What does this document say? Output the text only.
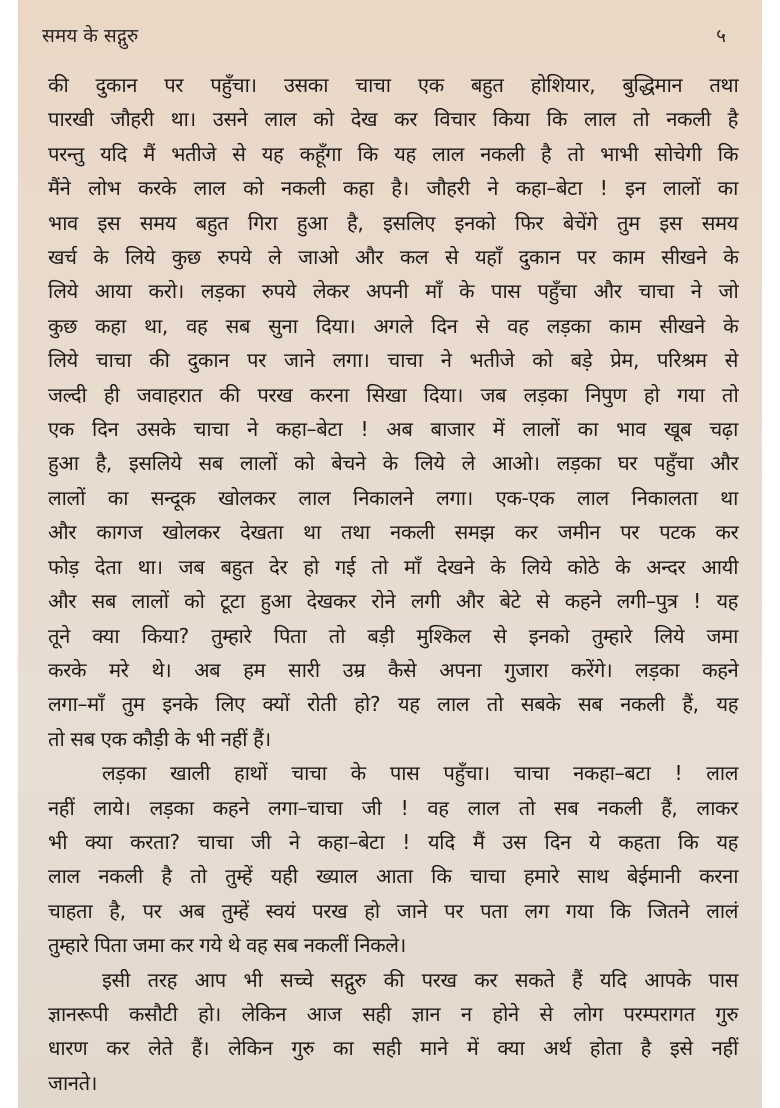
समय के सद्गुरु	५
की दुकान पर पहुँचा। उसका चाचा एक बहुत होशियार, बुद्धिमान तथा
पारखी जौहरी था। उसने लाल को देख कर विचार किया कि लाल तो नकली है
परन्तु यदि मैं भतीजे से यह कहूँगा कि यह लाल नकली है तो भाभी सोचेगी कि
मैंने लोभ करके लाल को नकली कहा है। जौहरी ने कहा–बेटा ! इन लालों का
भाव इस समय बहुत गिरा हुआ है, इसलिए इनको फिर बेचेंगे तुम इस समय
खर्च के लिये कुछ रुपये ले जाओ और कल से यहाँ दुकान पर काम सीखने के
लिये आया करो। लड़का रुपये लेकर अपनी माँ के पास पहुँचा और चाचा ने जो
कुछ कहा था, वह सब सुना दिया। अगले दिन से वह लड़का काम सीखने के
लिये चाचा की दुकान पर जाने लगा। चाचा ने भतीजे को बड़े प्रेम, परिश्रम से
जल्दी ही जवाहरात की परख करना सिखा दिया। जब लड़का निपुण हो गया तो
एक दिन उसके चाचा ने कहा–बेटा ! अब बाजार में लालों का भाव खूब चढ़ा
हुआ है, इसलिये सब लालों को बेचने के लिये ले आओ। लड़का घर पहुँचा और
लालों का सन्दूक खोलकर लाल निकालने लगा। एक-एक लाल निकालता था
और कागज खोलकर देखता था तथा नकली समझ कर जमीन पर पटक कर
फोड़ देता था। जब बहुत देर हो गई तो माँ देखने के लिये कोठे के अन्दर आयी
और सब लालों को टूटा हुआ देखकर रोने लगी और बेटे से कहने लगी–पुत्र ! यह
तूने क्या किया? तुम्हारे पिता तो बड़ी मुश्किल से इनको तुम्हारे लिये जमा
करके मरे थे। अब हम सारी उम्र कैसे अपना गुजारा करेंगे। लड़का कहने
लगा–माँ तुम इनके लिए क्यों रोती हो? यह लाल तो सबके सब नकली हैं, यह
तो सब एक कौड़ी के भी नहीं हैं।
लड़का खाली हाथों चाचा के पास पहुँचा। चाचा नकहा–बटा ! लाल
नहीं लाये। लड़का कहने लगा–चाचा जी ! वह लाल तो सब नकली हैं, लाकर
भी क्या करता? चाचा जी ने कहा–बेटा ! यदि मैं उस दिन ये कहता कि यह
लाल नकली है तो तुम्हें यही ख्याल आता कि चाचा हमारे साथ बेईमानी करना
चाहता है, पर अब तुम्हें स्वयं परख हो जाने पर पता लग गया कि जितने लालं
तुम्हारे पिता जमा कर गये थे वह सब नकलीं निकले।
इसी तरह आप भी सच्चे सद्गुरु की परख कर सकते हैं यदि आपके पास
ज्ञानरूपी कसौटी हो। लेकिन आज सही ज्ञान न होने से लोग परम्परागत गुरु
धारण कर लेते हैं। लेकिन गुरु का सही माने में क्या अर्थ होता है इसे नहीं
जानते।
